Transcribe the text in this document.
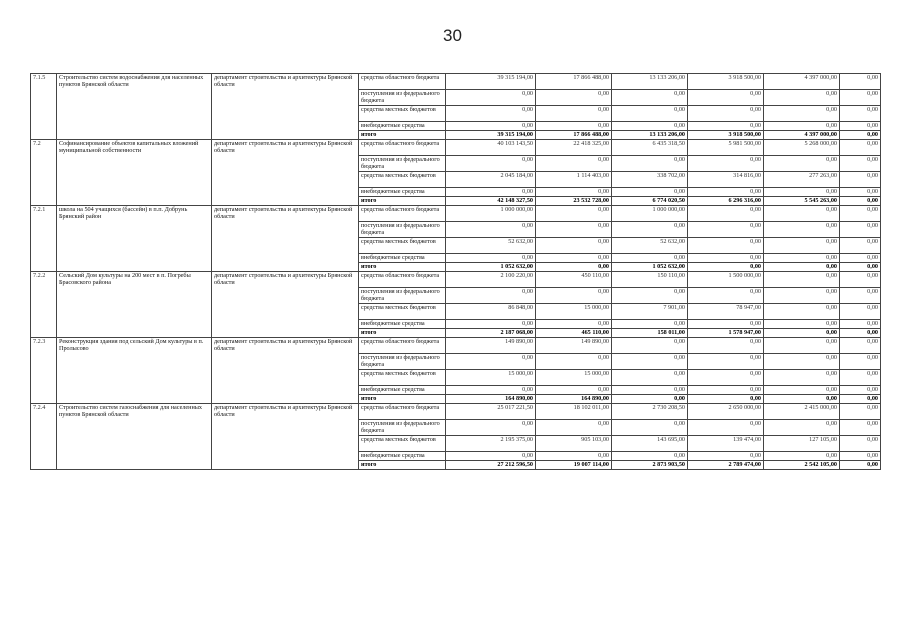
30
7.1.5	Строительство систем водоснабжения для населенных пунктов Брянской области	департамент строительства и архитектуры Брянской области	средства областного бюджета	39 315 194,00	17 866 488,00	13 133 206,00	3 918 500,00	4 397 000,00	0,00
			поступления из федерального бюджета	0,00	0,00	0,00	0,00	0,00	0,00
			средства местных бюджетов	0,00	0,00	0,00	0,00	0,00	0,00
			внебюджетные средства	0,00	0,00	0,00	0,00	0,00	0,00
			итого	39 315 194,00	17 866 488,00	13 133 206,00	3 918 500,00	4 397 000,00	0,00
7.2	Софинансирование объектов капитальных вложений муниципальной собственности	департамент строительства и архитектуры Брянской области	средства областного бюджета	40 103 143,50	22 418 325,00	6 435 318,50	5 981 500,00	5 268 000,00	0,00
			поступления из федерального бюджета	0,00	0,00	0,00	0,00	0,00	0,00
			средства местных бюджетов	2 045 184,00	1 114 403,00	338 702,00	314 816,00	277 263,00	0,00
			внебюджетные средства	0,00	0,00	0,00	0,00	0,00	0,00
			итого	42 148 327,50	23 532 728,00	6 774 020,50	6 296 316,00	5 545 263,00	0,00
7.2.1	школа на 504 учащихся (бассейн) в п.п. Добрунь Брянский район	департамент строительства и архитектуры Брянской области	средства областного бюджета	1 000 000,00	0,00	1 000 000,00	0,00	0,00	0,00
			поступления из федерального бюджета	0,00	0,00	0,00	0,00	0,00	0,00
			средства местных бюджетов	52 632,00	0,00	52 632,00	0,00	0,00	0,00
			внебюджетные средства	0,00	0,00	0,00	0,00	0,00	0,00
			итого	1 052 632,00	0,00	1 052 632,00	0,00	0,00	0,00
7.2.2	Сельский Дом культуры на 200 мест в п. Погребы Брасовского района	департамент строительства и архитектуры Брянской области	средства областного бюджета	2 100 220,00	450 110,00	150 110,00	1 500 000,00	0,00	0,00
			поступления из федерального бюджета	0,00	0,00	0,00	0,00	0,00	0,00
			средства местных бюджетов	86 848,00	15 000,00	7 901,00	78 947,00	0,00	0,00
			внебюджетные средства	0,00	0,00	0,00	0,00	0,00	0,00
			итого	2 187 068,00	465 110,00	158 011,00	1 578 947,00	0,00	0,00
7.2.3	Реконструкция здания под сельский Дом культуры в п. Пролысово	департамент строительства и архитектуры Брянской области	средства областного бюджета	149 890,00	149 890,00	0,00	0,00	0,00	0,00
			поступления из федерального бюджета	0,00	0,00	0,00	0,00	0,00	0,00
			средства местных бюджетов	15 000,00	15 000,00	0,00	0,00	0,00	0,00
			внебюджетные средства	0,00	0,00	0,00	0,00	0,00	0,00
			итого	164 890,00	164 890,00	0,00	0,00	0,00	0,00
7.2.4	Строительство систем газоснабжения для населенных пунктов Брянской области	департамент строительства и архитектуры Брянской области	средства областного бюджета	25 017 221,50	18 102 011,00	2 730 208,50	2 650 000,00	2 415 000,00	0,00
			поступления из федерального бюджета	0,00	0,00	0,00	0,00	0,00	0,00
			средства местных бюджетов	2 195 375,00	905 103,00	143 695,00	139 474,00	127 105,00	0,00
			внебюджетные средства	0,00	0,00	0,00	0,00	0,00	0,00
			итого	27 212 596,50	19 007 114,00	2 873 903,50	2 789 474,00	2 542 105,00	0,00
